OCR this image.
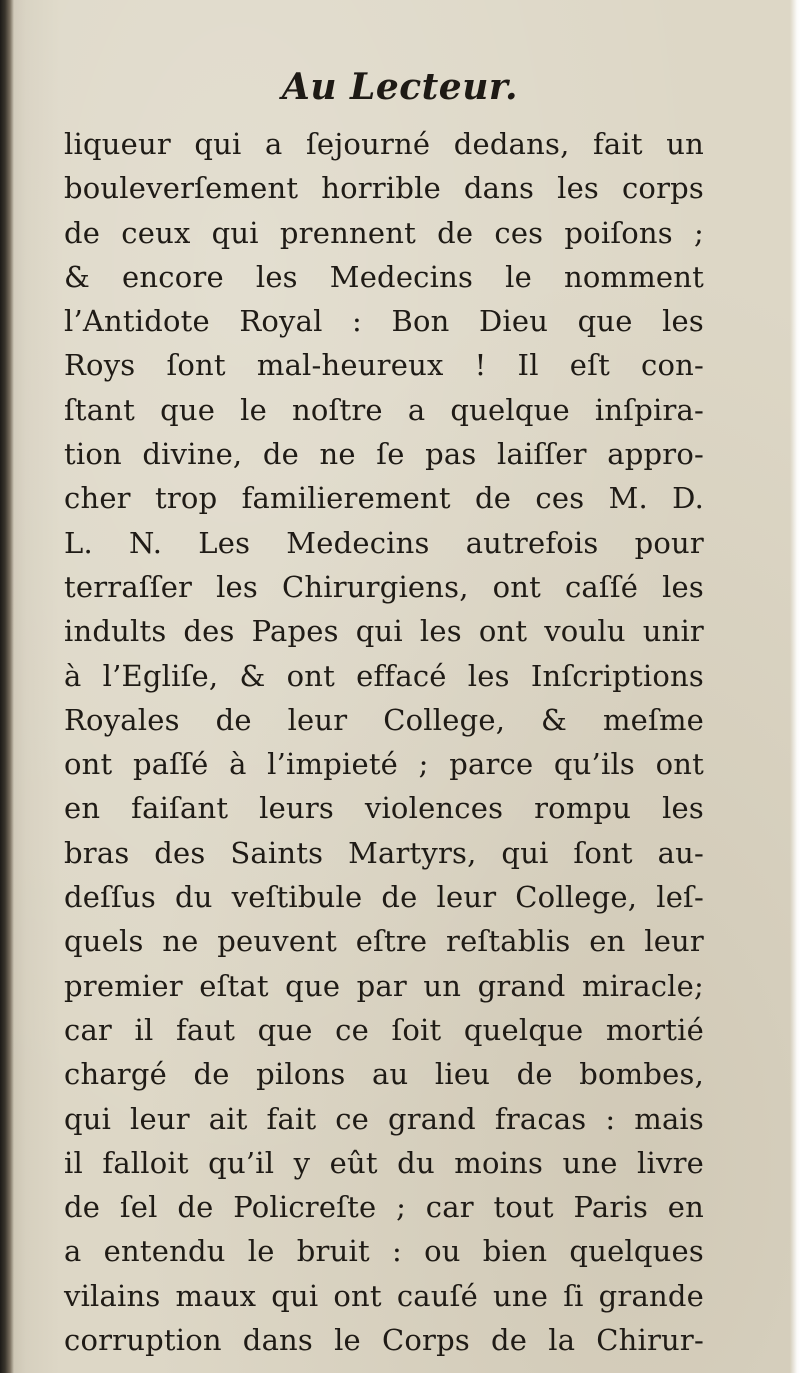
Au Lecteur.
liqueur qui a ſejourné dedans, fait un
bouleverſement horrible dans les corps
de ceux qui prennent de ces poiſons ;
& encore les Medecins le nomment
l’Antidote Royal : Bon Dieu que les
Roys ſont mal-heureux ! Il eſt con-
ſtant que le noſtre a quelque inſpira-
tion divine, de ne ſe pas laiſſer appro-
cher trop familierement de ces M. D.
L. N. Les Medecins autrefois pour
terraſſer les Chirurgiens, ont caſſé les
indults des Papes qui les ont voulu unir
à l’Egliſe, & ont effacé les Inſcriptions
Royales de leur College, & meſme
ont paſſé à l’impieté ; parce qu’ils ont
en faiſant leurs violences rompu les
bras des Saints Martyrs, qui ſont au-
deſſus du veſtibule de leur College, leſ-
quels ne peuvent eſtre reſtablis en leur
premier eſtat que par un grand miracle;
car il faut que ce ſoit quelque mortié
chargé de pilons au lieu de bombes,
qui leur ait fait ce grand fracas : mais
il falloit qu’il y eût du moins une livre
de ſel de Policreſte ; car tout Paris en
a entendu le bruit : ou bien quelques
vilains maux qui ont cauſé une ſi grande
corruption dans le Corps de la Chirur-
